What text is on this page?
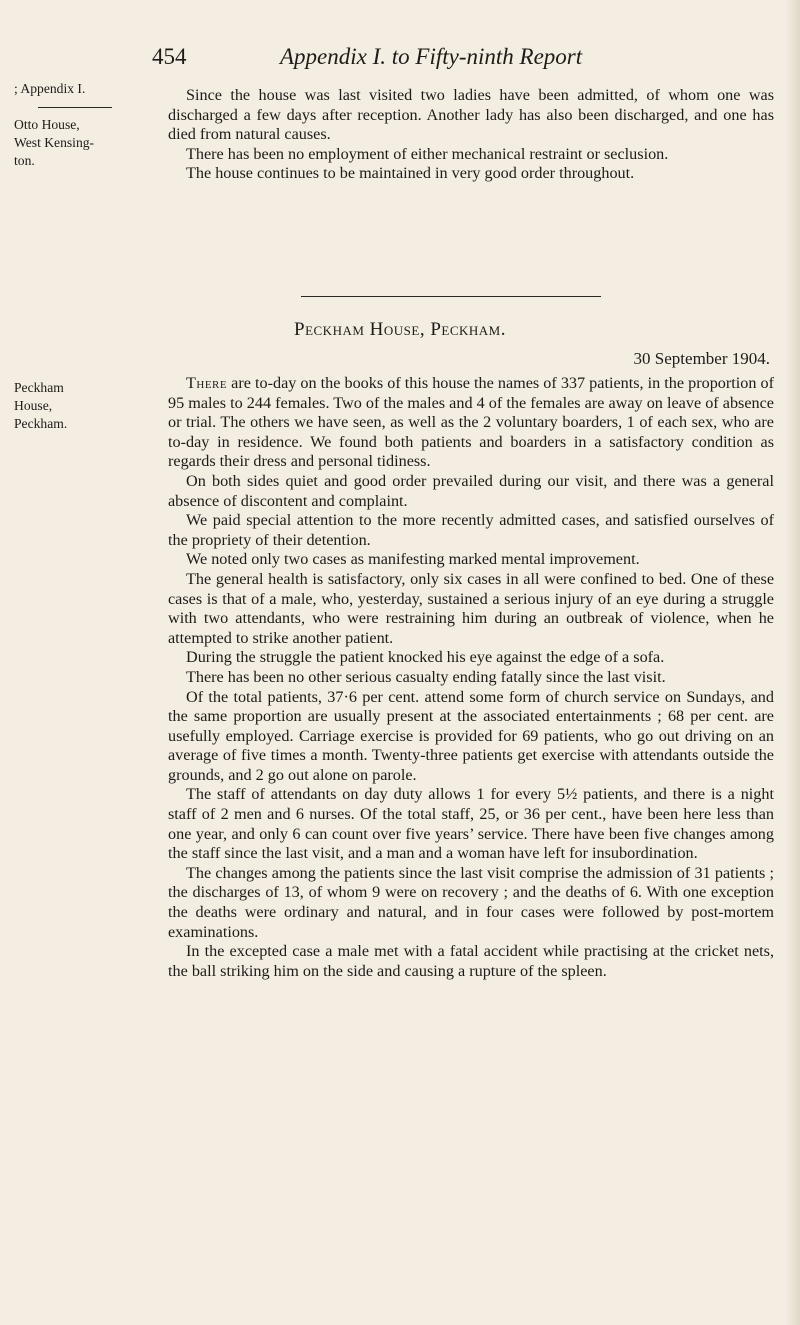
454	Appendix I. to Fifty-ninth Report
; Appendix I.
Otto House,
West Kensing-
ton.

Since the house was last visited two ladies have been admitted, of whom one was discharged a few days after reception. Another lady has also been discharged, and one has died from natural causes.

There has been no employment of either mechanical restraint or seclusion.

The house continues to be maintained in very good order throughout.

Peckham House, Peckham.
30 September 1904.
Peckham
House,
Peckham.

There are to-day on the books of this house the names of 337 patients, in the proportion of 95 males to 244 females. Two of the males and 4 of the females are away on leave of absence or trial. The others we have seen, as well as the 2 voluntary boarders, 1 of each sex, who are to-day in residence. We found both patients and boarders in a satisfactory condition as regards their dress and personal tidiness.

On both sides quiet and good order prevailed during our visit, and there was a general absence of discontent and complaint.

We paid special attention to the more recently admitted cases, and satisfied ourselves of the propriety of their detention.

We noted only two cases as manifesting marked mental improvement.

The general health is satisfactory, only six cases in all were confined to bed. One of these cases is that of a male, who, yesterday, sustained a serious injury of an eye during a struggle with two attendants, who were restraining him during an outbreak of violence, when he attempted to strike another patient.

During the struggle the patient knocked his eye against the edge of a sofa.

There has been no other serious casualty ending fatally since the last visit.

Of the total patients, 37·6 per cent. attend some form of church service on Sundays, and the same proportion are usually present at the associated entertainments ; 68 per cent. are usefully employed. Carriage exercise is provided for 69 patients, who go out driving on an average of five times a month. Twenty-three patients get exercise with attendants outside the grounds, and 2 go out alone on parole.

The staff of attendants on day duty allows 1 for every 5½ patients, and there is a night staff of 2 men and 6 nurses. Of the total staff, 25, or 36 per cent., have been here less than one year, and only 6 can count over five years’ service. There have been five changes among the staff since the last visit, and a man and a woman have left for insubordination.

The changes among the patients since the last visit comprise the admission of 31 patients ; the discharges of 13, of whom 9 were on recovery ; and the deaths of 6. With one exception the deaths were ordinary and natural, and in four cases were followed by post-mortem examinations.

In the excepted case a male met with a fatal accident while practising at the cricket nets, the ball striking him on the side and causing a rupture of the spleen.
